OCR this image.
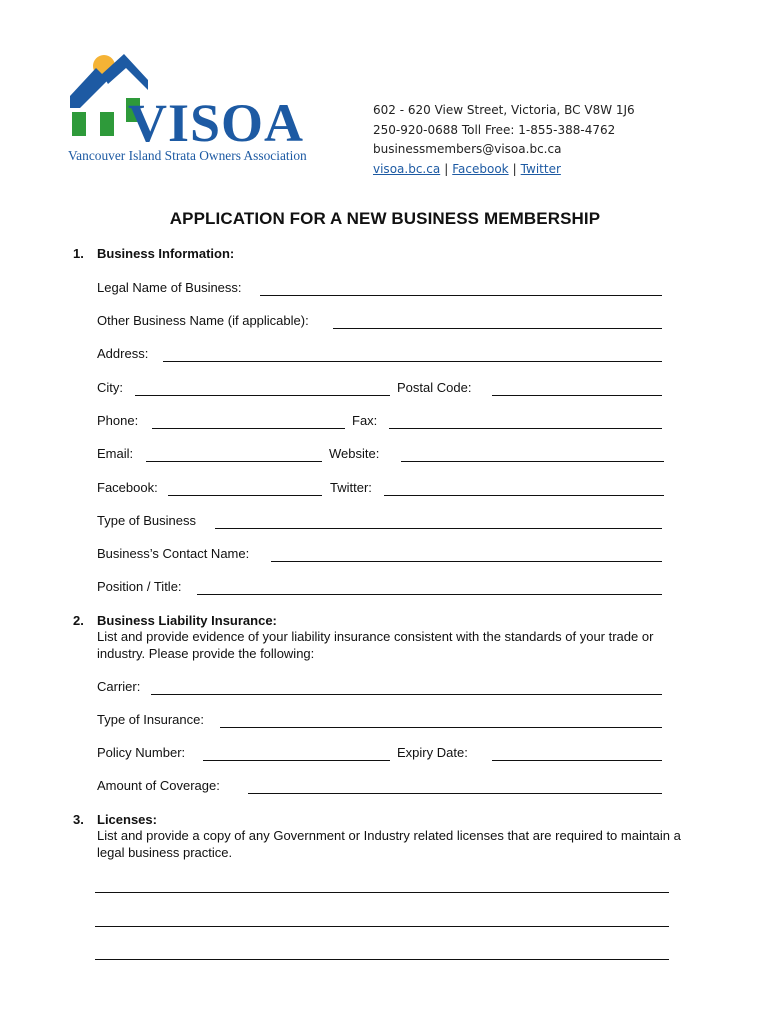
VISOA
Vancouver Island Strata Owners Association
602 - 620 View Street, Victoria, BC V8W 1J6
250-920-0688 Toll Free: 1-855-388-4762
businessmembers@visoa.bc.ca
visoa.bc.ca | Facebook | Twitter
APPLICATION FOR A NEW BUSINESS MEMBERSHIP
1. Business Information:
Legal Name of Business:
Other Business Name (if applicable):
Address:
City:	Postal Code:
Phone:	Fax:
Email:	Website:
Facebook:	Twitter:
Type of Business
Business’s Contact Name:
Position / Title:
2. Business Liability Insurance:
List and provide evidence of your liability insurance consistent with the standards of your trade or industry. Please provide the following:
Carrier:
Type of Insurance:
Policy Number:	Expiry Date:
Amount of Coverage:
3. Licenses:
List and provide a copy of any Government or Industry related licenses that are required to maintain a legal business practice.
